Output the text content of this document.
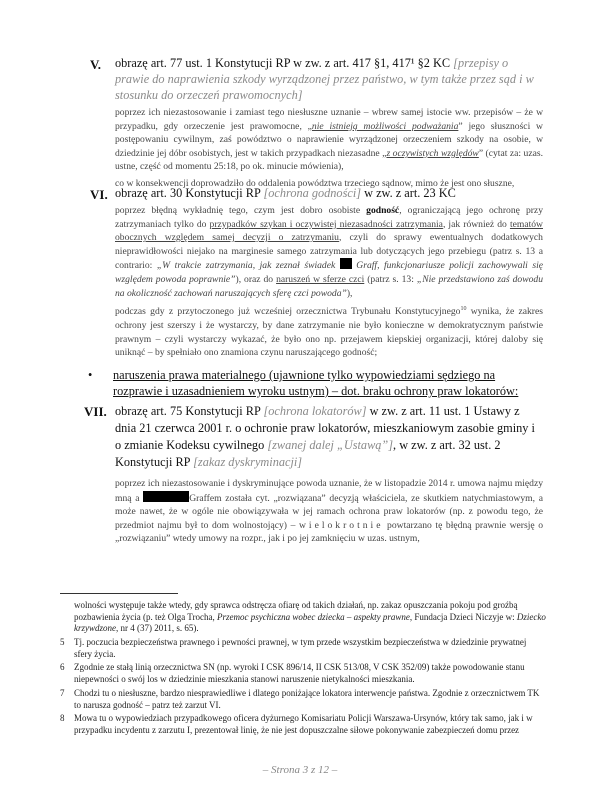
V. obrazę art. 77 ust. 1 Konstytucji RP w zw. z art. 417 §1, 417¹ §2 KC [przepisy o prawie do naprawienia szkody wyrządzonej przez państwo, w tym także przez sąd i w stosunku do orzeczeń prawomocnych]

poprzez ich niezastosowanie i zamiast tego niesłuszne uznanie – wbrew samej istocie ww. przepisów – że w przypadku, gdy orzeczenie jest prawomocne, „nie istnieją możliwości podważania” jego słuszności w postępowaniu cywilnym, zaś powództwo o naprawienie wyrządzonej orzeczeniem szkody na osobie, w dziedzinie jej dóbr osobistych, jest w takich przypadkach niezasadne „z oczywistych względów” (cytat za: uzas. ustne, część od momentu 25:18, po ok. minucie mówienia),

co w konsekwencji doprowadziło do oddalenia powództwa trzeciego sądnow, mimo że jest ono słuszne,

VI. obrazę art. 30 Konstytucji RP [ochrona godności] w zw. z art. 23 KC

poprzez błędną wykładnię tego, czym jest dobro osobiste godność, ograniczającą jego ochronę przy zatrzymaniach tylko do przypadków szykan i oczywistej niezasadności zatrzymania, jak również do tematów obocznych względem samej decyzji o zatrzymaniu, czyli do sprawy ewentualnych dodatkowych nieprawidłowości niejako na marginesie samego zatrzymania lub dotyczących jego przebiegu (patrz s. 13 a contrario: „W trakcie zatrzymania, jak zeznał świadek  Graff, funkcjonariusze policji zachowywali się względem powoda poprawnie”), oraz do naruszeń w sferze czci (patrz s. 13: „Nie przedstawiono zaś dowodu na okoliczność zachowań naruszających sferę czci powoda”),

podczas gdy z przytoczonego już wcześniej orzecznictwa Trybunału Konstytucyjnego$^{10}$ wynika, że zakres ochrony jest szerszy i że wystarczy, by dane zatrzymanie nie było konieczne w demokratycznym państwie prawnym – czyli wystarczy wykazać, że było ono np. przejawem kiepskiej organizacji, której daloby się uniknąć – by spełniało ono znamiona czynu naruszającego godność;

• naruszenia prawa materialnego (ujawnione tylko wypowiedziami sędziego na rozprawie i uzasadnieniem wyroku ustnym) – dot. braku ochrony praw lokatorów:
VII. obrazę art. 75 Konstytucji RP [ochrona lokatorów] w zw. z art. 11 ust. 1 Ustawy z dnia 21 czerwca 2001 r. o ochronie praw lokatorów, mieszkaniowym zasobie gminy i o zmianie Kodeksu cywilnego [zwanej dalej „Ustawą”], w zw. z art. 32 ust. 2 Konstytucji RP [zakaz dyskryminacji]

poprzez ich niezastosowanie i dyskryminujące powoda uznanie, że w listopadzie 2014 r. umowa najmu między mną a	Graffem została cyt. „rozwiązana” decyzją właściciela, ze skutkiem natychmiastowym, a może nawet, że w ogóle nie obowiązywała w jej ramach ochrona praw lokatorów (np. z powodu tego, że przedmiot najmu był to dom wolnostojący) – wielokrotnie powtarzano tę błędną prawnie wersję o „rozwiązaniu” wtedy umowy na rozpr., jak i po jej zamknięciu w uzas. ustnym,

wolności występuje także wtedy, gdy sprawca odstręcza ofiarę od takich działań, np. zakaz opuszczania pokoju pod groźbą pozbawienia życia (p. też Olga Trocha, Przemoc psychiczna wobec dziecka – aspekty prawne, Fundacja Dzieci Niczyje w: Dziecko krzywdzone, nr 4 (37) 2011, s. 65).
5 Tj. poczucia bezpieczeństwa prawnego i pewności prawnej, w tym przede wszystkim bezpieczeństwa w dziedzinie prywatnej sfery życia.
6 Zgodnie ze stałą linią orzecznictwa SN (np. wyroki I CSK 896/14, II CSK 513/08, V CSK 352/09) także powodowanie stanu niepewności o swój los w dziedzinie mieszkania stanowi naruszenie nietykalności mieszkania.
7 Chodzi tu o niesłuszne, bardzo niesprawiedliwe i dlatego poniżające lokatora interwencje państwa. Zgodnie z orzecznictwem TK to narusza godność – patrz też zarzut VI.
8 Mowa tu o wypowiedziach przypadkowego oficera dyżurnego Komisariatu Policji Warszawa-Ursynów, który tak samo, jak i w przypadku incydentu z zarzutu I, prezentował linię, że nie jest dopuszczalne siłowe pokonywanie zabezpieczeń domu przez
– Strona 3 z 12 –
